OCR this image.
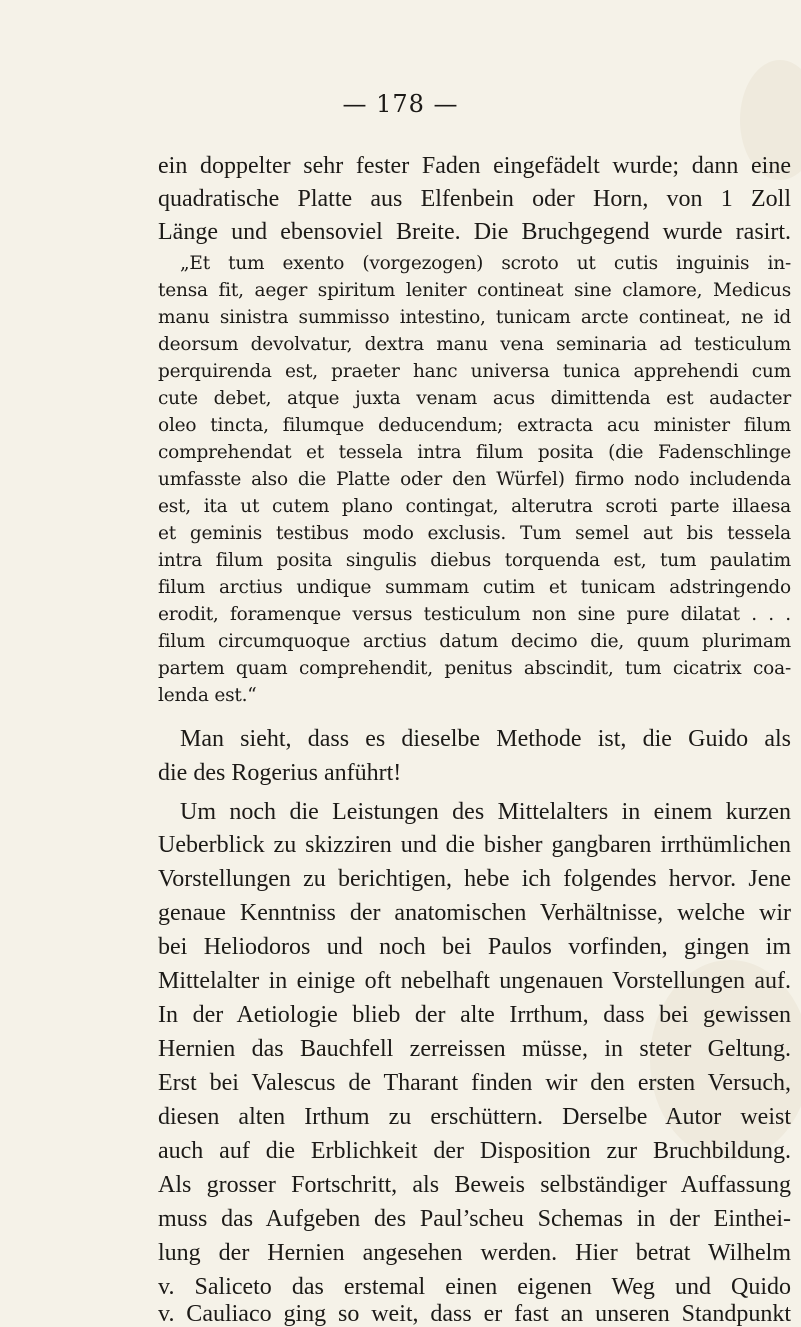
— 178 —
ein doppelter sehr fester Faden eingefädelt wurde; dann eine
quadratische Platte aus Elfenbein oder Horn, von 1 Zoll
Länge und ebensoviel Breite. Die Bruchgegend wurde rasirt.
„Et tum exento (vorgezogen) scroto ut cutis inguinis in-
tensa fit, aeger spiritum leniter contineat sine clamore, Medicus
manu sinistra summisso intestino, tunicam arcte contineat, ne id
deorsum devolvatur, dextra manu vena seminaria ad testiculum
perquirenda est, praeter hanc universa tunica apprehendi cum
cute debet, atque juxta venam acus dimittenda est audacter
oleo tincta, filumque deducendum; extracta acu minister filum
comprehendat et tessela intra filum posita (die Fadenschlinge
umfasste also die Platte oder den Würfel) firmo nodo includenda
est, ita ut cutem plano contingat, alterutra scroti parte illaesa
et geminis testibus modo exclusis. Tum semel aut bis tessela
intra filum posita singulis diebus torquenda est, tum paulatim
filum arctius undique summam cutim et tunicam adstringendo
erodit, foramenque versus testiculum non sine pure dilatat . . .
filum circumquoque arctius datum decimo die, quum plurimam
partem quam comprehendit, penitus abscindit, tum cicatrix coa-
lenda est.“
Man sieht, dass es dieselbe Methode ist, die Guido als
die des Rogerius anführt!
Um noch die Leistungen des Mittelalters in einem kurzen
Ueberblick zu skizziren und die bisher gangbaren irrthümlichen
Vorstellungen zu berichtigen, hebe ich folgendes hervor. Jene
genaue Kenntniss der anatomischen Verhältnisse, welche wir
bei Heliodoros und noch bei Paulos vorfinden, gingen im
Mittelalter in einige oft nebelhaft ungenauen Vorstellungen auf.
In der Aetiologie blieb der alte Irrthum, dass bei gewissen
Hernien das Bauchfell zerreissen müsse, in steter Geltung.
Erst bei Valescus de Tharant finden wir den ersten Versuch,
diesen alten Irthum zu erschüttern. Derselbe Autor weist
auch auf die Erblichkeit der Disposition zur Bruchbildung.
Als grosser Fortschritt, als Beweis selbständiger Auffassung
muss das Aufgeben des Paul’scheu Schemas in der Einthei-
lung der Hernien angesehen werden. Hier betrat Wilhelm
v. Saliceto das erstemal einen eigenen Weg und Quido
v. Cauliaco ging so weit, dass er fast an unseren Standpunkt
